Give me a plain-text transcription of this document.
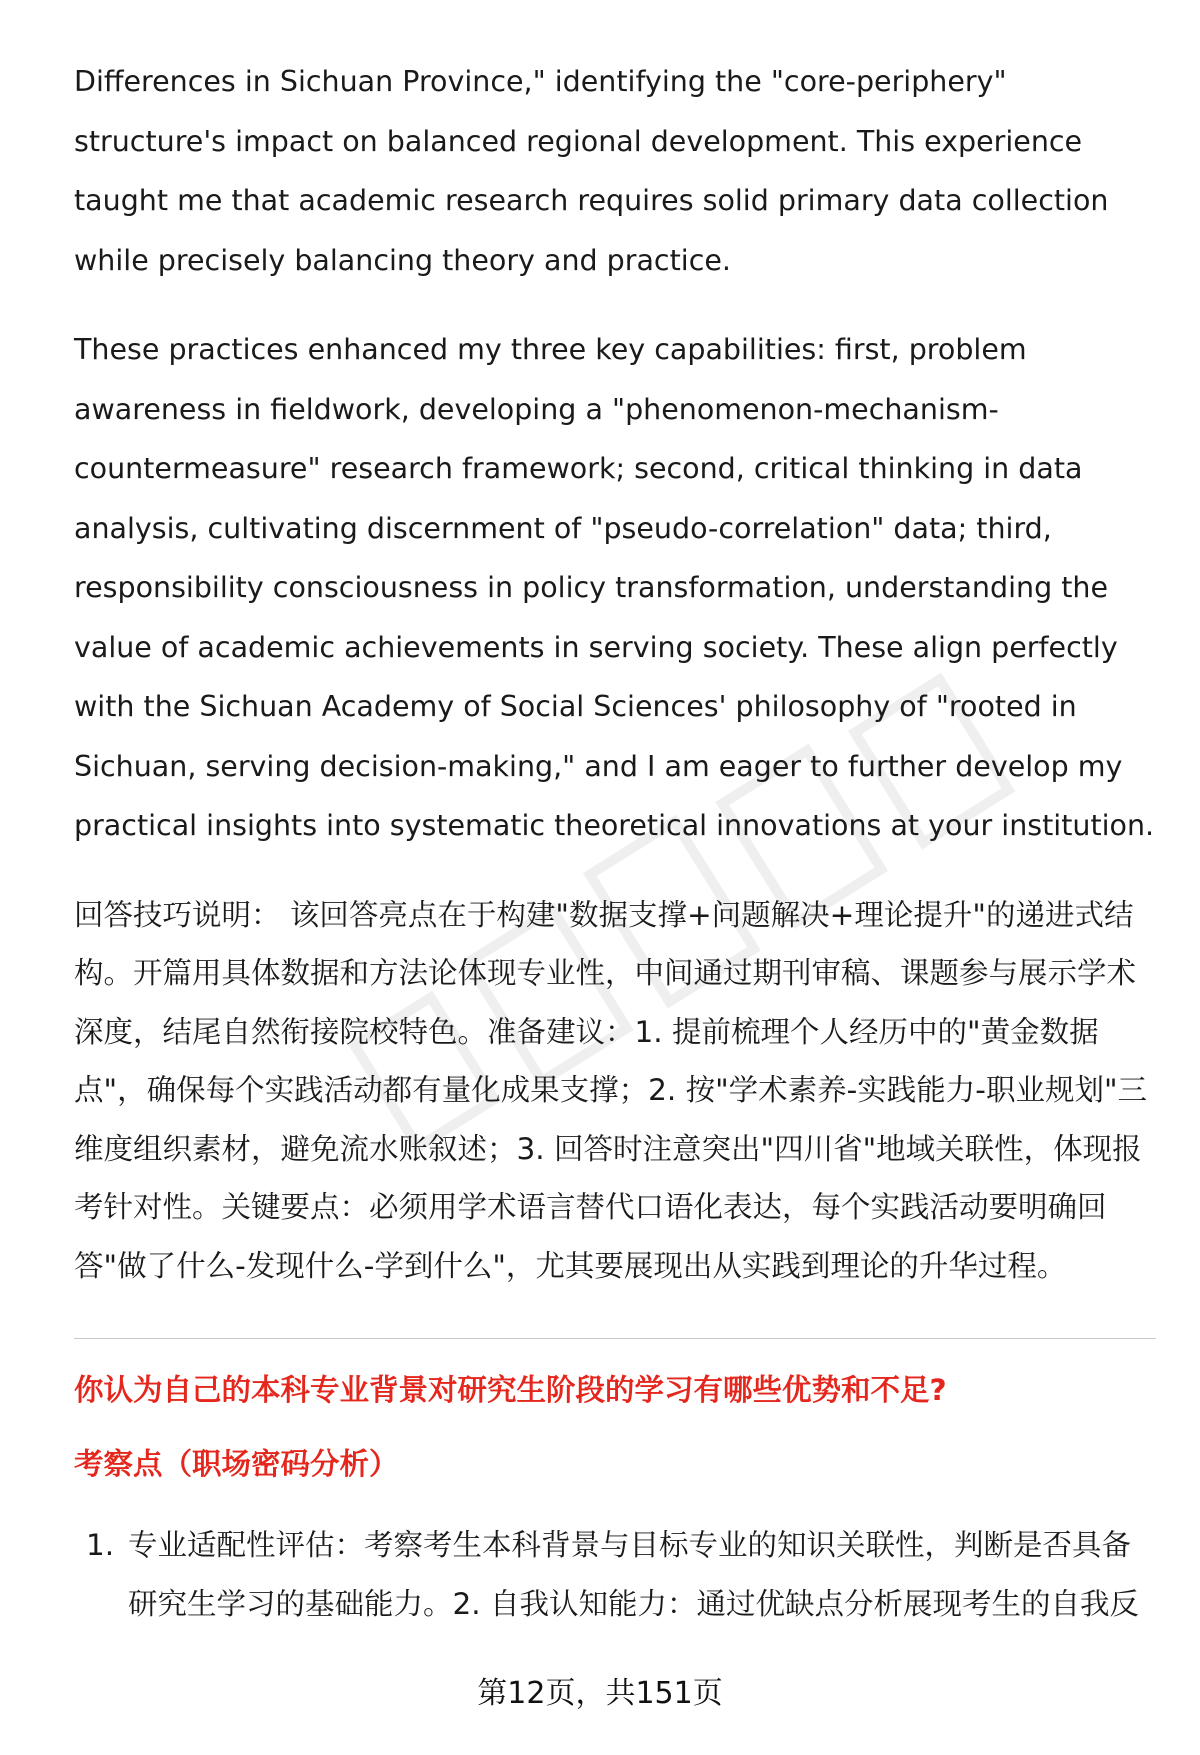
Differences in Sichuan Province," identifying the "core-periphery" structure's impact on balanced regional development. This experience taught me that academic research requires solid primary data collection while precisely balancing theory and practice.

These practices enhanced my three key capabilities: first, problem awareness in fieldwork, developing a "phenomenon-mechanism-countermeasure" research framework; second, critical thinking in data analysis, cultivating discernment of "pseudo-correlation" data; third, responsibility consciousness in policy transformation, understanding the value of academic achievements in serving society. These align perfectly with the Sichuan Academy of Social Sciences' philosophy of "rooted in Sichuan, serving decision-making," and I am eager to further develop my practical insights into systematic theoretical innovations at your institution.

回答技巧说明： 该回答亮点在于构建"数据支撑+问题解决+理论提升"的递进式结构。开篇用具体数据和方法论体现专业性，中间通过期刊审稿、课题参与展示学术深度，结尾自然衔接院校特色。准备建议：1. 提前梳理个人经历中的"黄金数据点"，确保每个实践活动都有量化成果支撑；2. 按"学术素养-实践能力-职业规划"三维度组织素材，避免流水账叙述；3. 回答时注意突出"四川省"地域关联性，体现报考针对性。关键要点：必须用学术语言替代口语化表达，每个实践活动要明确回答"做了什么-发现什么-学到什么"，尤其要展现出从实践到理论的升华过程。

你认为自己的本科专业背景对研究生阶段的学习有哪些优势和不足?
考察点（职场密码分析）
1. 专业适配性评估：考察考生本科背景与目标专业的知识关联性，判断是否具备研究生学习的基础能力。2. 自我认知能力：通过优缺点分析展现考生的自我反
第12页，共151页
